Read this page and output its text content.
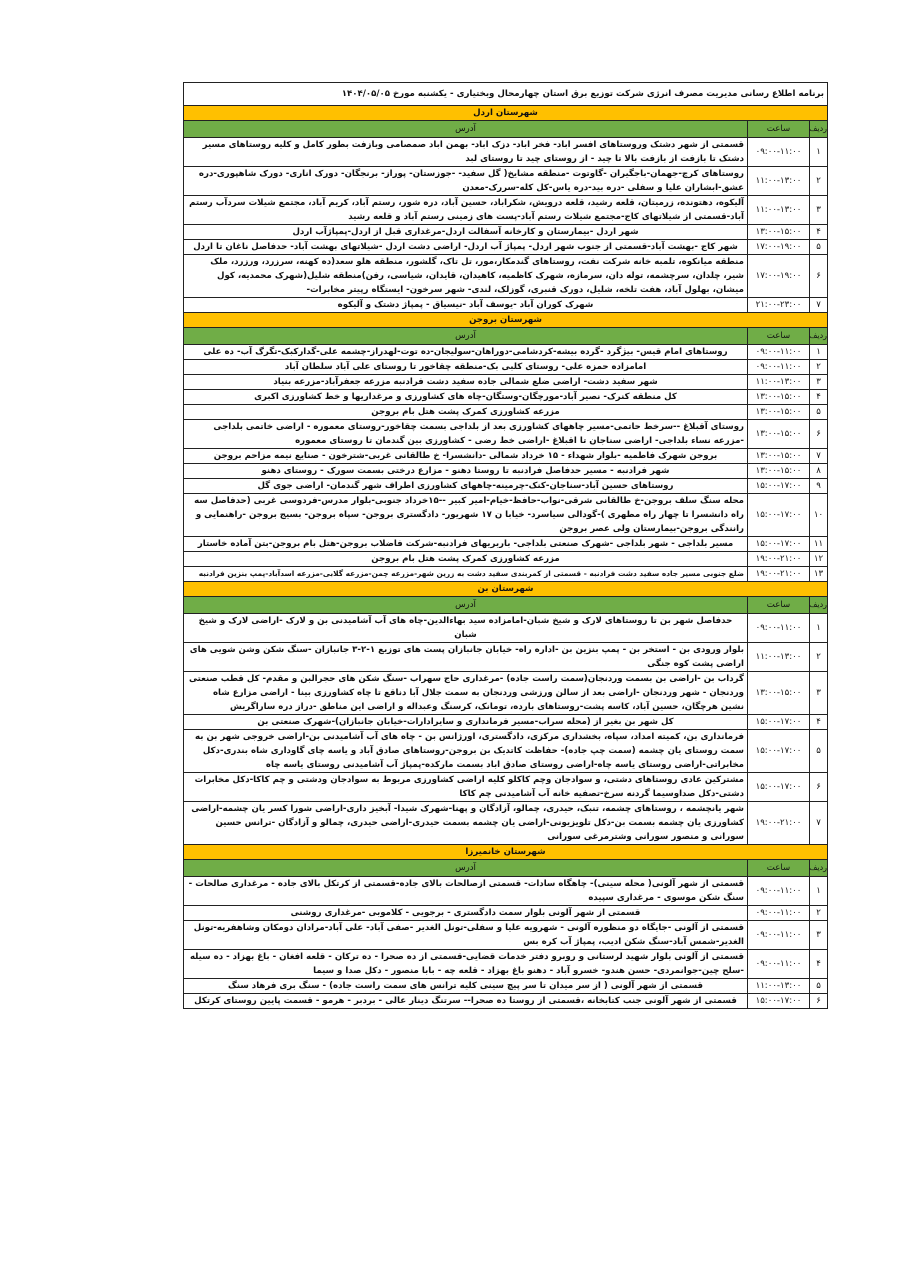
برنامه اطلاع رسانی مدیریت مصرف انرژی شرکت توزیع برق استان چهارمحال وبختیاری - یکشنبه مورخ ۱۴۰۴/۰۵/۰۵		
شهرستان اردل		
ردیف	ساعت	آدرس
۱	۰۹:۰۰-۱۱:۰۰	قسمتی از شهر دشتک وروستاهای افسر اباد- فخر اباد- دزک اباد- بهمن اباد صمصامی وبازفت بطور کامل و کلیه روستاهای مسیر دشتک تا بازفت از بازفت بالا تا چید - از روستای چید تا روستای لبد
۲	۱۱:۰۰-۱۳:۰۰	روستاهای کرچ-جهمان-باجگیران -گاوتوت -منطقه مشایخ( گل سفید- -جوزستان- پوراز- برنجگان- دورک اناری- دورک شاهپوری-دره عشق-ابشاران علیا و سفلی -دره بید-دره یاس-کل کله-سررک-معدن
۳	۱۱:۰۰-۱۳:۰۰	آلیکوه، دهتونده، زرمیتان، قلعه رشید، قلعه درویش، شکراباد، حسین آباد، دره شور، رستم آباد، کریم آباد، مجتمع شیلات سردآب رستم آباد-قسمتی از شیلاتهای کاج-مجتمع شیلات رستم آباد-پست های زمینی رستم آباد و قلعه رشید
۴	۱۳:۰۰-۱۵:۰۰	شهر اردل -بیمارستان و کارخانه آسفالت اردل-مرغداری قبل از اردل-پمپاژآب اردل
۵	۱۷:۰۰-۱۹:۰۰	شهر کاج -بهشت آباد-قسمتی از جنوب شهر اردل- پمپاژ آب اردل- اراضی دشت اردل -شیلاتهای بهشت آباد- حدفاصل ناغان تا اردل
۶	۱۷:۰۰-۱۹:۰۰	منطقه میانکوه، تلمبه خانه شرکت نفت، روستاهای گندمکار،مور، تل تاک، گلشور، منطقه هلو سعد(ده کهنه، سرزرد، ورزرد، ملک شیر، چلدان، سرچشمه، توله دان، سرمازه، شهرک کاظمیه، کاهیدان، قایدان، شیاسی، رفن)منطقه شلیل(شهرک محمدیه، کول میشان، بهلول آباد، هفت تلخه، شلیل، دورک قنبری، گوزلک، لندی- شهر سرخون- ایستگاه رپیتر مخابرات-
۷	۲۱:۰۰-۲۳:۰۰	شهرک کوران آباد -یوسف آباد -نیسیاق - پمپاژ دشتک و آلیکوه
شهرستان بروجن		
ردیف	ساعت	آدرس
۱	۰۹:۰۰-۱۱:۰۰	روستاهای امام قیس- بیژگرد -گرده بیشه-کردشامی-دوراهان-سولیجان-ده توت-لهدراز-چشمه علی-گدارکبک-تگرگ آب- ده علی
۲	۰۹:۰۰-۱۱:۰۰	امامزاده حمزه علی- روستای کلبی بک-منطقه چقاخور تا روستای علی آباد سلطان آباد
۳	۱۱:۰۰-۱۳:۰۰	شهر سفید دشت- اراضی ضلع شمالی جاده سفید دشت فرادنبه مزرعه جعفرآباد-مزرعه بنیاد
۴	۱۳:۰۰-۱۵:۰۰	کل منطقه کنرک- نصیر آباد-مورچگان-وستگان-چاه های کشاورزی و مرغداریها و خط کشاورزی اکبری
۵	۱۳:۰۰-۱۵:۰۰	مزرعه کشاورزی کمرک پشت هتل بام بروجن
۶	۱۳:۰۰-۱۵:۰۰	روستای آقبلاغ --سرخط حاتمی-مسیر چاههای کشاورزی بعد از بلداجی بسمت چقاخور-روستای معموره - اراضی خاتمی بلداجی -مزرعه نساء بلداجی- اراضی سناجان تا اقبلاغ -اراضی خط رضی - کشاورزی بین گندمان تا روستای معموره
۷	۱۳:۰۰-۱۵:۰۰	بروجن شهرک فاطمیه -بلوار شهداء - ۱۵ خرداد شمالی -دانشسرا- خ طالقانی غربی-شترخون - صنایع نیمه مزاحم بروجن
۸	۱۳:۰۰-۱۵:۰۰	شهر فرادنبه - مسیر حدفاصل فرادنبه تا روستا دهنو - مزارع درختی بسمت سورک - روستای دهنو
۹	۱۵:۰۰-۱۷:۰۰	روستاهای حسین آباد-سناجان-کنک-چرمینه-چاههای کشاورزی اطراف شهر گندمان- اراضی جوی گل
۱۰	۱۵:۰۰-۱۷:۰۰	محله سنگ سلف بروجن-خ طالقانی شرقی-نواب-حافظ-خیام-امیر کبیر --۱۵خرداد جنوبی-بلوار مدرس-فردوسی غربی (حدفاصل سه راه دانشسرا تا چهار راه مطهری )-گودالی سیاسرد- خیابا ن ۱۷ شهریور- دادگستری بروجن- سپاه بروجن- بسیج بروجن -راهنمایی و رانندگی بروجن-بیمارستان ولی عصر بروجن
۱۱	۱۵:۰۰-۱۷:۰۰	مسیر بلداجی - شهر بلداجی -شهرک صنعتی بلداجی- باربریهای فرادنبه-شرکت فاضلاب بروجن-هتل بام بروجن-بتن آماده خاستار
۱۲	۱۹:۰۰-۲۱:۰۰	مزرعه کشاورزی کمرک پشت هتل بام بروجن
۱۳	۱۹:۰۰-۲۱:۰۰	ضلع جنوبی مسیر جاده سفید دشت فرادنبه - قسمتی از کمربندی سفید دشت به زرین شهر-مزرعه چمن-مزرعه گلابی-مزرعه اسدآباد-پمپ بنزین فرادنبه
شهرستان بن		
ردیف	ساعت	آدرس
۱	۰۹:۰۰-۱۱:۰۰	حدفاصل شهر بن تا روستاهای لارک و شیخ شبان-امامزاده سید بهاءالدین-چاه های آب آشامیدنی بن و لارک -اراضی لارک و شیخ شبان
۲	۱۱:۰۰-۱۳:۰۰	بلوار ورودی بن - استخر بن - پمپ بنزین بن -اداره راه- خیابان جانبازان پست های توزیع ۱-۲-۳ جانبازان -سنگ شکن وشن شویی های اراضی پشت کوه جنگی
۳	۱۳:۰۰-۱۵:۰۰	گرداب بن -اراضی بن بسمت وردنجان(سمت راست جاده) -مرغداری حاج سهراب -سنگ شکن های حجرالبن و مقدم- کل قطب صنعتی وردنجان - شهر وردنجان -اراضی بعد از سالن ورزشی وردنجان به سمت جلال آبا دناقع تا چاه کشاورزی بینا - اراضی مزارع شاه نشین هرچگان، حسین آباد، کاسه پشت-روستاهای بارده، تومانک، کرسنگ وعبداله و اراضی این مناطق -دراز دره ساراگریش
۴	۱۵:۰۰-۱۷:۰۰	کل شهر بن بغیر از (محله سراب-مسیر فرمانداری و سایرادارات-خیابان جانبازان)-شهرک صنعتی بن
۵	۱۵:۰۰-۱۷:۰۰	فرمانداری بن، کمیته امداد، سپاه، بخشداری مرکزی، دادگستری، اورژانس بن - چاه های آب آشامیدنی بن-اراضی خروجی شهر بن به سمت روستای یان چشمه (سمت چپ جاده)- حفاظت کاتدیک بن بروجن-روستاهای صادق آباد و یاسه چای گاوداری شاه بندری-دکل مخابراتی-اراضی روستای یاسه چاه-اراضی روستای صادق اباد بسمت مارکده-پمپاژ آب آشامیدنی روستای یاسه چاه
۶	۱۵:۰۰-۱۷:۰۰	مشترکین عادی روستاهای دشتی، و سوادجان وچم کاکلو کلیه اراضی کشاورزی مربوط به سوادجان ودشتی و چم کاکا-دکل مخابرات دشتی-دکل صداوسیما گردنه سرخ-تصفیه خانه آب آشامیدنی چم کاکا
۷	۱۹:۰۰-۲۱:۰۰	شهر یانچشمه ، روستاهای چشمه، تنبک، حیدری، چمالو، آزادگان و پهنا-شهرک شیدا- آبخیز داری-اراضی شورا کسر یان چشمه-اراضی کشاورزی یان چشمه بسمت بن-دکل تلویزیونی-اراضی یان چشمه بسمت حیدری-اراضی حیدری، چمالو و آزادگان -ترانس حسین سورانی و منصور سورانی وشترمرغی سورانی
شهرستان خانمیرزا		
ردیف	ساعت	آدرس
۱	۰۹:۰۰-۱۱:۰۰	قسمتی از شهر آلونی( محله سینی)- چاهگاه سادات- قسمتی ازصالحات بالای جاده-قسمتی از کرتکل بالای جاده - مرغداری صالحات - سنگ شکن موسوی - مرغداری سپیده
۲	۰۹:۰۰-۱۱:۰۰	قسمتی از شهر آلونی بلوار سمت دادگستری - برجویی - کلاموبی -مرغداری روشنی
۳	۰۹:۰۰-۱۱:۰۰	قسمتی از آلونی -جایگاه دو منظوره آلونی - شهرویه علیا و سفلی-تونل الغدیر -صفی آباد- علی آباد-مرادان دومکان وشاهفریه-تونل الغدیر-شمس آباد-سنگ شکن ادیب، پمپاژ آب کره بس
۴	۰۹:۰۰-۱۱:۰۰	قسمتی از آلونی بلوار شهید لرستانی و روبرو دفتر خدمات قضایی-قسمتی از ده صحرا - ده ترکان - قلعه افغان - باغ بهزاد - ده سیله -سلح چین-جوانمردی- حسن هندو- خسرو آباد - دهنو باغ بهزاد - قلعه چه - بابا منصور - دکل صدا و سیما
۵	۱۱:۰۰-۱۳:۰۰	قسمتی از شهر آلونی ( از سر میدان تا سر پیچ سینی کلیه ترانس های سمت راست جاده) - سنگ بری فرهاد سنگ
۶	۱۵:۰۰-۱۷:۰۰	قسمتی از شهر آلونی جنب کتابخانه ،قسمتی از روستا ده صحرا-- سرتنگ دینار عالی - بردبر - هرمو - قسمت پایین روستای کرتکل
